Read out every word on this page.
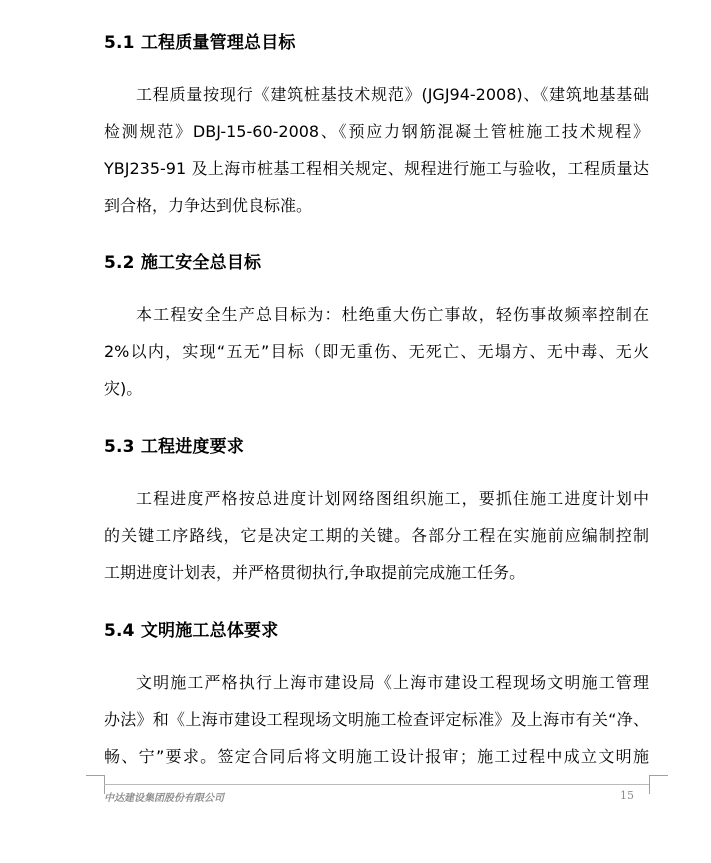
5.1 工程质量管理总目标
工程质量按现行《建筑桩基技术规范》(JGJ94-2008)、《建筑地基基础
检测规范》DBJ-15-60-2008、《预应力钢筋混凝土管桩施工技术规程》
YBJ235-91 及上海市桩基工程相关规定、规程进行施工与验收，工程质量达
到合格，力争达到优良标准。
5.2 施工安全总目标
本工程安全生产总目标为：杜绝重大伤亡事故，轻伤事故频率控制在
2%以内，实现“五无”目标（即无重伤、无死亡、无塌方、无中毒、无火
灾)。
5.3 工程进度要求
工程进度严格按总进度计划网络图组织施工，要抓住施工进度计划中
的关键工序路线，它是决定工期的关键。各部分工程在实施前应编制控制
工期进度计划表，并严格贯彻执行,争取提前完成施工任务。
5.4 文明施工总体要求
文明施工严格执行上海市建设局《上海市建设工程现场文明施工管理
办法》和《上海市建设工程现场文明施工检查评定标准》及上海市有关“净、
畅、宁”要求。签定合同后将文明施工设计报审；施工过程中成立文明施
中达建设集团股份有限公司	15
